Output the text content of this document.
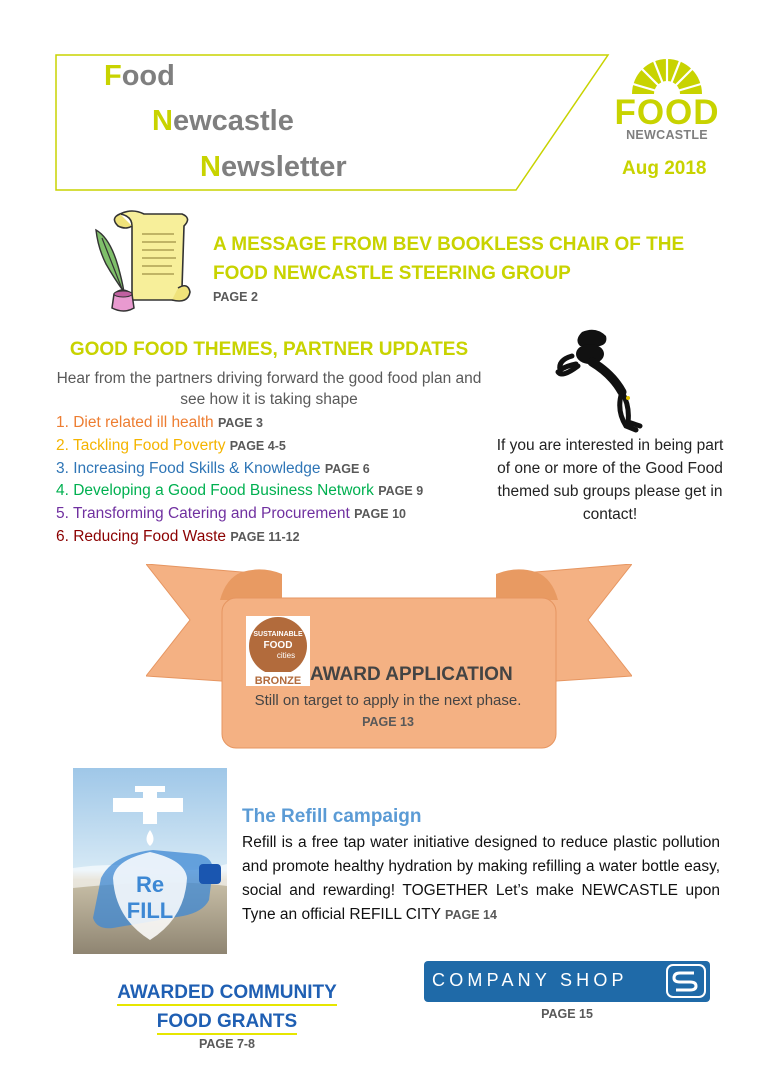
Food
Newcastle
Newsletter
FOOD
NEWCASTLE
Aug 2018
A MESSAGE FROM BEV BOOKLESS CHAIR OF THE FOOD NEWCASTLE STEERING GROUP
PAGE 2
GOOD FOOD THEMES, PARTNER UPDATES
Hear from the partners driving forward the good food plan and see how it is taking shape
1. Diet related ill health PAGE 3
2. Tackling Food Poverty PAGE 4-5
3. Increasing Food Skills & Knowledge PAGE 6
4. Developing a Good Food Business Network PAGE 9
5. Transforming Catering and Procurement PAGE 10
6. Reducing Food Waste PAGE 11-12
If you are interested in being part of one or more of the Good Food themed sub groups please get in contact!
SUSTAINABLE
FOOD
cities
BRONZE AWARD APPLICATION
Still on target to apply in the next phase.
PAGE 13
Re
FILL
The Refill campaign
Refill is a free tap water initiative designed to reduce plastic pollution and promote healthy hydration by making refilling a water bottle easy, social and rewarding! TOGETHER Let’s make NEWCASTLE upon Tyne an official REFILL CITY PAGE 14
AWARDED COMMUNITY
FOOD GRANTS
PAGE 7-8
COMPANY SHOP
PAGE 15
